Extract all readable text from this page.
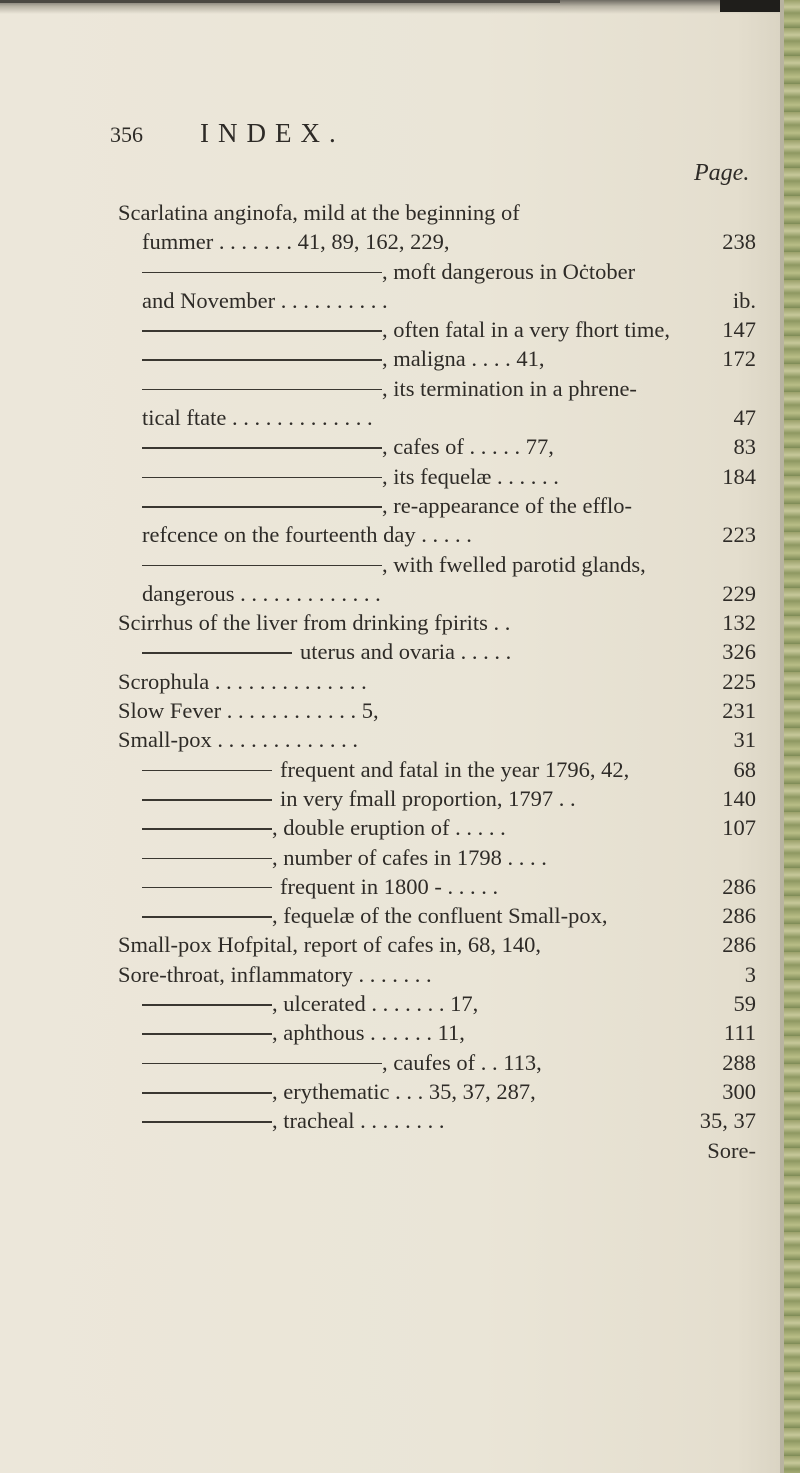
356 INDEX.
Page.
Scarlatina anginofa, mild at the beginning of
fummer . . . . . . . 41, 89, 162, 229,	238
, moft dangerous in Oċtober
and November . . . . . . . . . .	ib.
, often fatal in a very fhort time, 147
, maligna . . . . 41,	172
, its termination in a phrene-
tical ftate . . . . . . . . . . . . .	47
, cafes of . . . . . 77,	83
, its fequelæ . . . . . .	184
, re-appearance of the efflo-
refcence on the fourteenth day . . . . .	223
, with fwelled parotid glands,
dangerous . . . . . . . . . . . . .	229
Scirrhus of the liver from drinking fpirits . .	132
uterus and ovaria . . . . .	326
Scrophula . . . . . . . . . . . . . .	225
Slow Fever . . . . . . . . . . . . 5,	231
Small-pox . . . . . . . . . . . . .	31
frequent and fatal in the year 1796, 42,	68
in very fmall proportion, 1797 . .	140
, double eruption of . . . . .	107
, number of cafes in 1798 . . . .
frequent in 1800 - . . . . .	286
, fequelæ of the confluent Small-pox,	286
Small-pox Hofpital, report of cafes in, 68, 140,	286
Sore-throat, inflammatory . . . . . . .	3
, ulcerated . . . . . . . 17,	59
, aphthous . . . . . . 11,	111
, caufes of . . 113,	288
, erythematic . . . 35, 37, 287,	300
, tracheal . . . . . . . .	35, 37
Sore-
